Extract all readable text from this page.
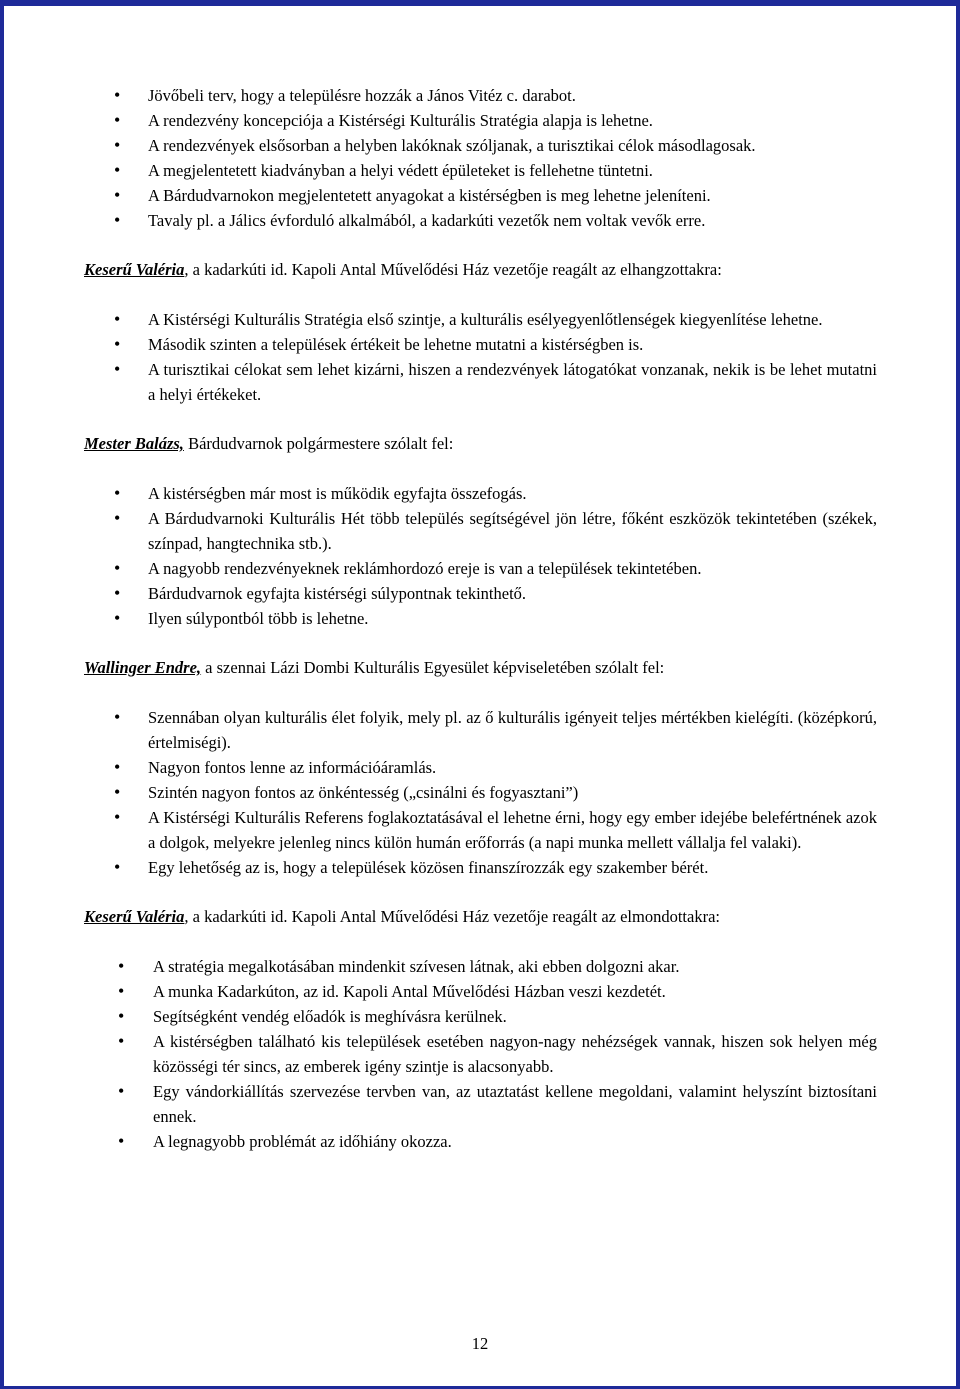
• Jövőbeli terv, hogy a településre hozzák a János Vitéz c. darabot.
• A rendezvény koncepciója a Kistérségi Kulturális Stratégia alapja is lehetne.
• A rendezvények elsősorban a helyben lakóknak szóljanak, a turisztikai célok másodlagosak.
• A megjelentetett kiadványban a helyi védett épületeket is fellehetne tüntetni.
• A Bárdudvarnokon megjelentetett anyagokat a kistérségben is meg lehetne jeleníteni.
• Tavaly pl. a Jálics évforduló alkalmából, a kadarkúti vezetők nem voltak vevők erre.

Keserű Valéria, a kadarkúti id. Kapoli Antal Művelődési Ház vezetője reagált az elhangzottakra:

• A Kistérségi Kulturális Stratégia első szintje, a kulturális esélyegyenlőtlenségek kiegyenlítése lehetne.
• Második szinten a települések értékeit be lehetne mutatni a kistérségben is.
• A turisztikai célokat sem lehet kizárni, hiszen a rendezvények látogatókat vonzanak, nekik is be lehet mutatni a helyi értékeket.

Mester Balázs, Bárdudvarnok polgármestere szólalt fel:

• A kistérségben már most is működik egyfajta összefogás.
• A Bárdudvarnoki Kulturális Hét több település segítségével jön létre, főként eszközök tekintetében (székek, színpad, hangtechnika stb.).
• A nagyobb rendezvényeknek reklámhordozó ereje is van a települések tekintetében.
• Bárdudvarnok egyfajta kistérségi súlypontnak tekinthető.
• Ilyen súlypontból több is lehetne.

Wallinger Endre, a szennai Lázi Dombi Kulturális Egyesület képviseletében szólalt fel:

• Szennában olyan kulturális élet folyik, mely pl. az ő kulturális igényeit teljes mértékben kielégíti. (középkorú, értelmiségi).
• Nagyon fontos lenne az információáramlás.
• Szintén nagyon fontos az önkéntesség („csinálni és fogyasztani”)
• A Kistérségi Kulturális Referens foglakoztatásával el lehetne érni, hogy egy ember idejébe belefértnének azok a dolgok, melyekre jelenleg nincs külön humán erőforrás (a napi munka mellett vállalja fel valaki).
• Egy lehetőség az is, hogy a települések közösen finanszírozzák egy szakember bérét.

Keserű Valéria, a kadarkúti id. Kapoli Antal Művelődési Ház vezetője reagált az elmondottakra:

• A stratégia megalkotásában mindenkit szívesen látnak, aki ebben dolgozni akar.
• A munka Kadarkúton, az id. Kapoli Antal Művelődési Házban veszi kezdetét.
• Segítségként vendég előadók is meghívásra kerülnek.
• A kistérségben található kis települések esetében nagyon-nagy nehézségek vannak, hiszen sok helyen még közösségi tér sincs, az emberek igény szintje is alacsonyabb.
• Egy vándorkiállítás szervezése tervben van, az utaztatást kellene megoldani, valamint helyszínt biztosítani ennek.
• A legnagyobb problémát az időhiány okozza.
12
